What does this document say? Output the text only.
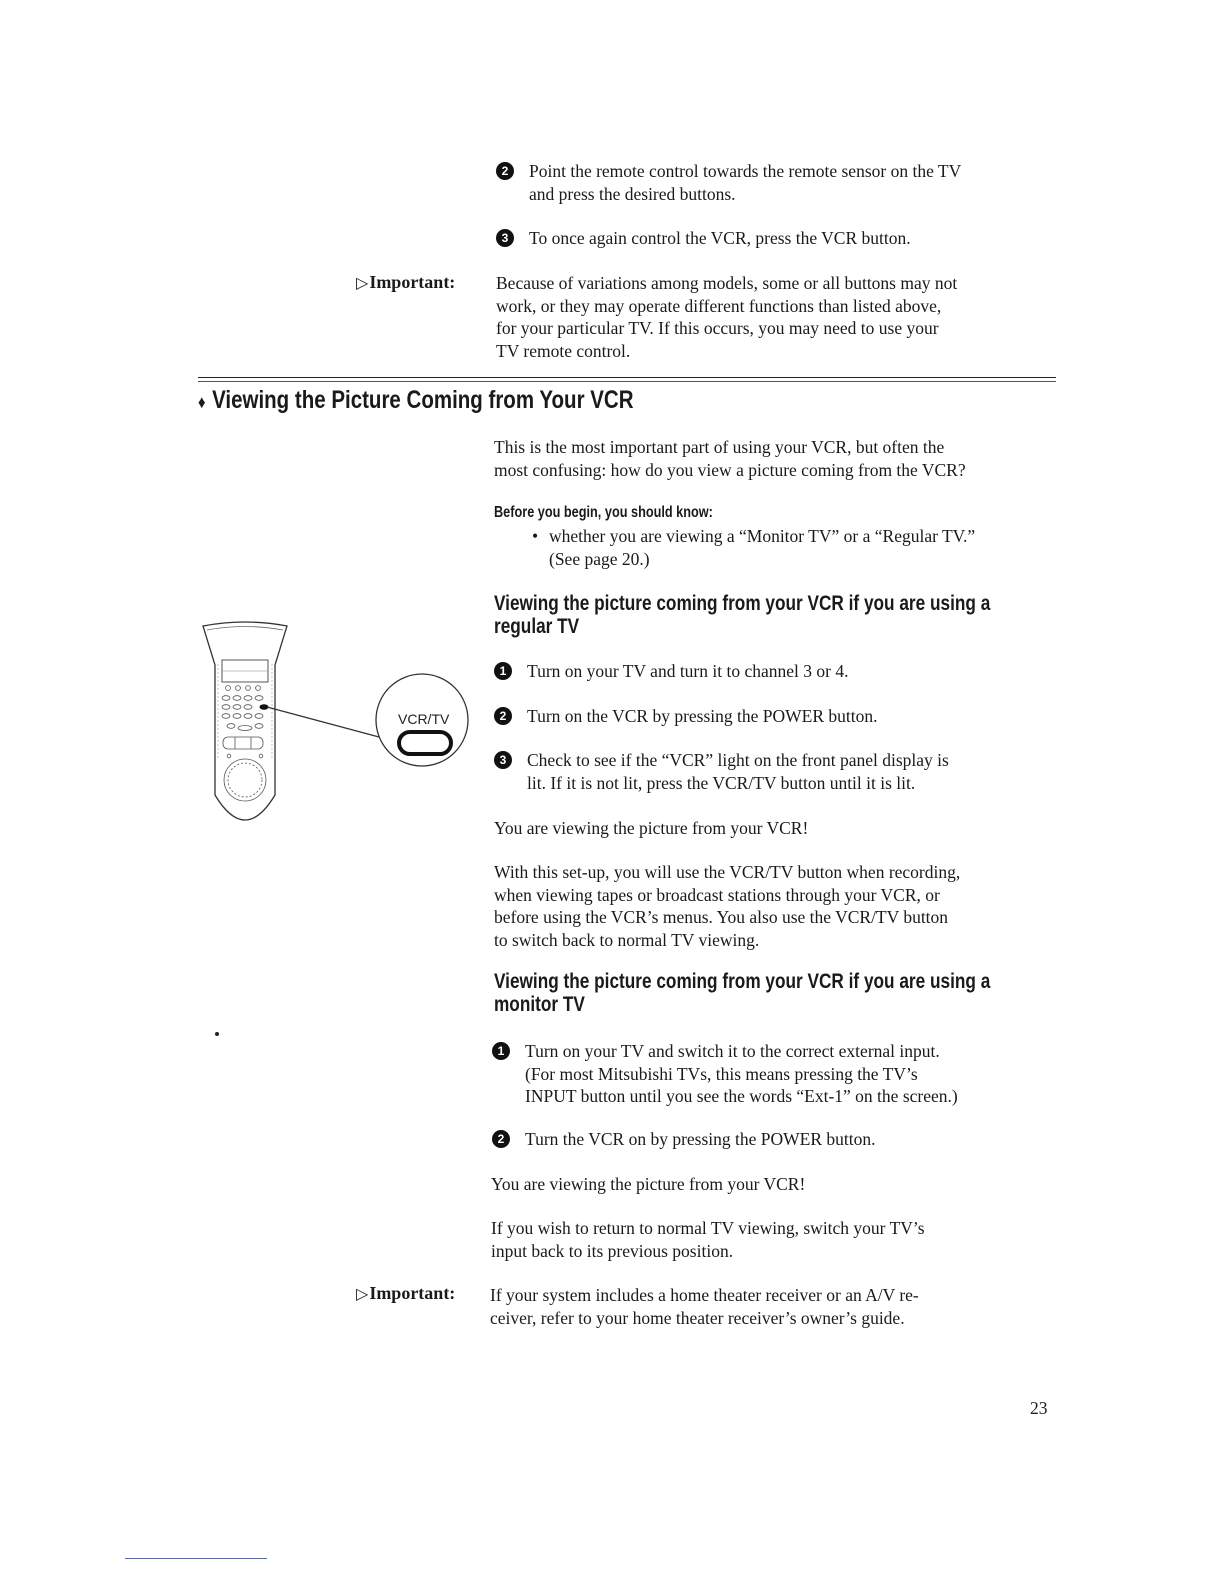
2	Point the remote control towards the remote sensor on the TV
and press the desired buttons.
3	To once again control the VCR, press the VCR button.
▷Important: Because of variations among models, some or all buttons may not
work, or they may operate different functions than listed above,
for your particular TV. If this occurs, you may need to use your
TV remote control.
♦ Viewing the Picture Coming from Your VCR
This is the most important part of using your VCR, but often the
most confusing: how do you view a picture coming from the VCR?
Before you begin, you should know:
• whether you are viewing a “Monitor TV” or a “Regular TV.”
(See page 20.)
Viewing the picture coming from your VCR if you are using a
regular TV
VCR/TV
1	Turn on your TV and turn it to channel 3 or 4.
2	Turn on the VCR by pressing the POWER button.
3	Check to see if the “VCR” light on the front panel display is
lit. If it is not lit, press the VCR/TV button until it is lit.
You are viewing the picture from your VCR!
With this set-up, you will use the VCR/TV button when recording,
when viewing tapes or broadcast stations through your VCR, or
before using the VCR’s menus. You also use the VCR/TV button
to switch back to normal TV viewing.
Viewing the picture coming from your VCR if you are using a
monitor TV
1	Turn on your TV and switch it to the correct external input.
(For most Mitsubishi TVs, this means pressing the TV’s
INPUT button until you see the words “Ext-1” on the screen.)
2	Turn the VCR on by pressing the POWER button.
You are viewing the picture from your VCR!
If you wish to return to normal TV viewing, switch your TV’s
input back to its previous position.
▷Important: If your system includes a home theater receiver or an A/V re-
ceiver, refer to your home theater receiver’s owner’s guide.
23
